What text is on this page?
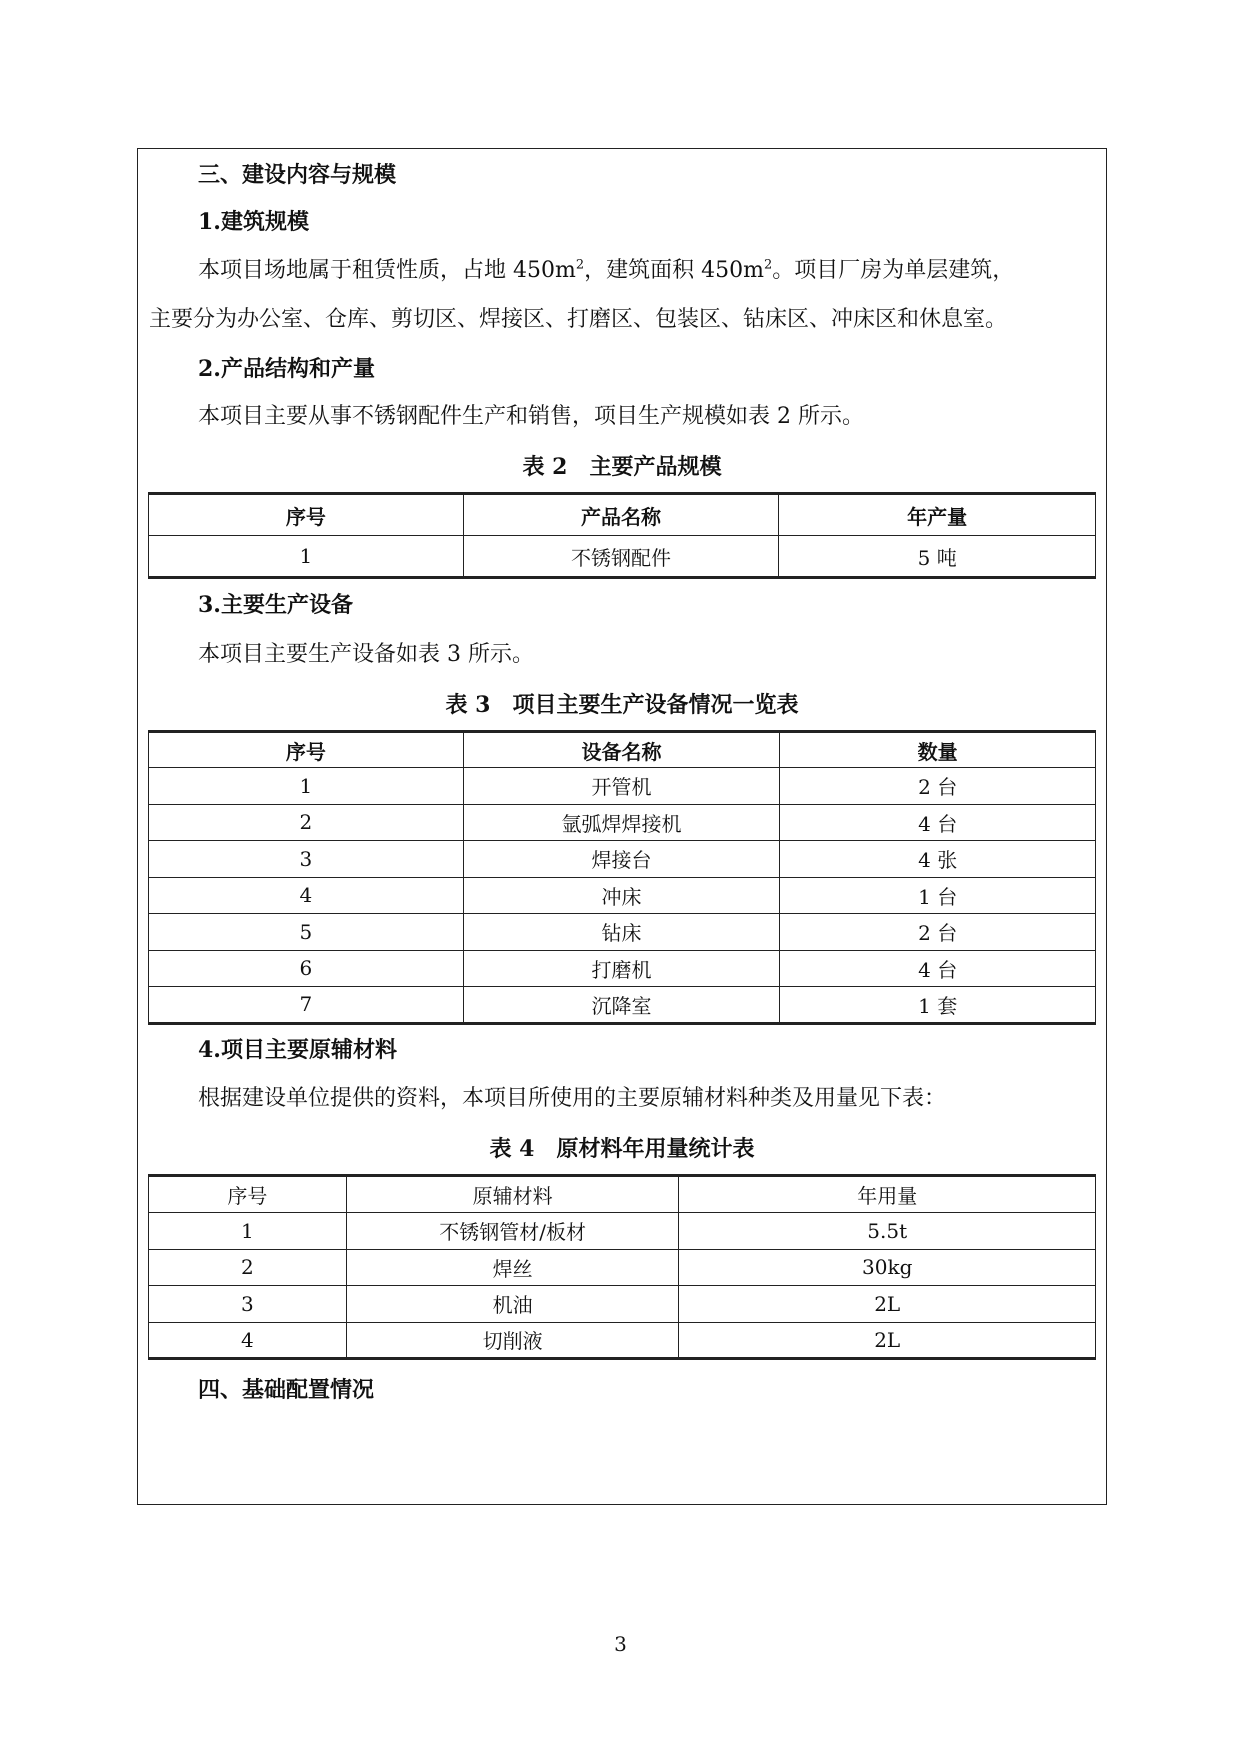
三、建设内容与规模
1.建筑规模
本项目场地属于租赁性质，占地 $450m^2$，建筑面积 $450m^2$。项目厂房为单层建筑，
主要分为办公室、仓库、剪切区、焊接区、打磨区、包装区、钻床区、冲床区和休息室。
2.产品结构和产量
本项目主要从事不锈钢配件生产和销售，项目生产规模如表 2 所示。
表 2　主要产品规模
序号	产品名称	年产量
1	不锈钢配件	5 吨
3.主要生产设备
本项目主要生产设备如表 3 所示。
表 3　项目主要生产设备情况一览表
序号	设备名称	数量
1	开管机	2 台
2	氩弧焊焊接机	4 台
3	焊接台	4 张
4	冲床	1 台
5	钻床	2 台
6	打磨机	4 台
7	沉降室	1 套
4.项目主要原辅材料
根据建设单位提供的资料，本项目所使用的主要原辅材料种类及用量见下表：
表 4　原材料年用量统计表
序号	原辅材料	年用量
1	不锈钢管材/板材	5.5t
2	焊丝	30kg
3	机油	2L
4	切削液	2L
四、基础配置情况
3
